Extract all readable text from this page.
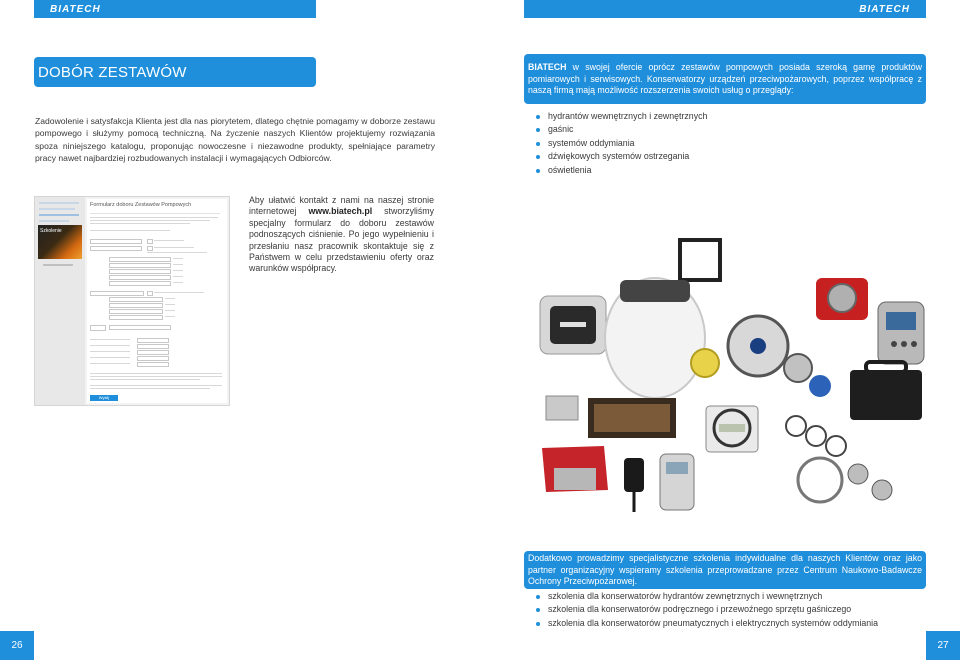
BIATECH	BIATECH
DOBÓR ZESTAWÓW
Zadowolenie i satysfakcja Klienta jest dla nas piorytetem, dlatego chętnie pomagamy w doborze zestawu pompowego i służymy pomocą techniczną. Na życzenie naszych Klientów projektujemy rozwiązania spoza niniejszego katalogu, proponując nowoczesne i niezawodne produkty, spełniające parametry pracy nawet najbardziej rozbudowanych instalacji i wymagających Odbiorców.
Szkolenie
Formularz doboru Zestawów Pompowych
Wyślij
Aby ułatwić kontakt z nami na naszej stronie internetowej www.biatech.pl stworzyliśmy specjalny formularz do doboru zestawów podnoszących ciśnienie. Po jego wypełnieniu i przesłaniu nasz pracownik skontaktuje się z Państwem w celu przedstawieniu oferty oraz warunków współpracy.
26
BIATECH w swojej ofercie oprócz zestawów pompowych posiada szeroką gamę produktów pomiarowych i serwisowych. Konserwatorzy urządzeń przeciwpożarowych, poprzez współpracę z naszą firmą mają możliwość rozszerzenia swoich usług o przeglądy:
hydrantów wewnętrznych i zewnętrznych
gaśnic
systemów oddymiania
dźwiękowych systemów ostrzegania
oświetlenia
Dodatkowo prowadzimy specjalistyczne szkolenia indywidualne dla naszych Klientów oraz jako partner organizacyjny wspieramy szkolenia przeprowadzane przez Centrum Naukowo-Badawcze Ochrony Przeciwpożarowej.
szkolenia dla konserwatorów hydrantów zewnętrznych i wewnętrznych
szkolenia dla konserwatorów podręcznego i przewoźnego sprzętu gaśniczego
szkolenia dla konserwatorów pneumatycznych i elektrycznych systemów oddymiania
27
